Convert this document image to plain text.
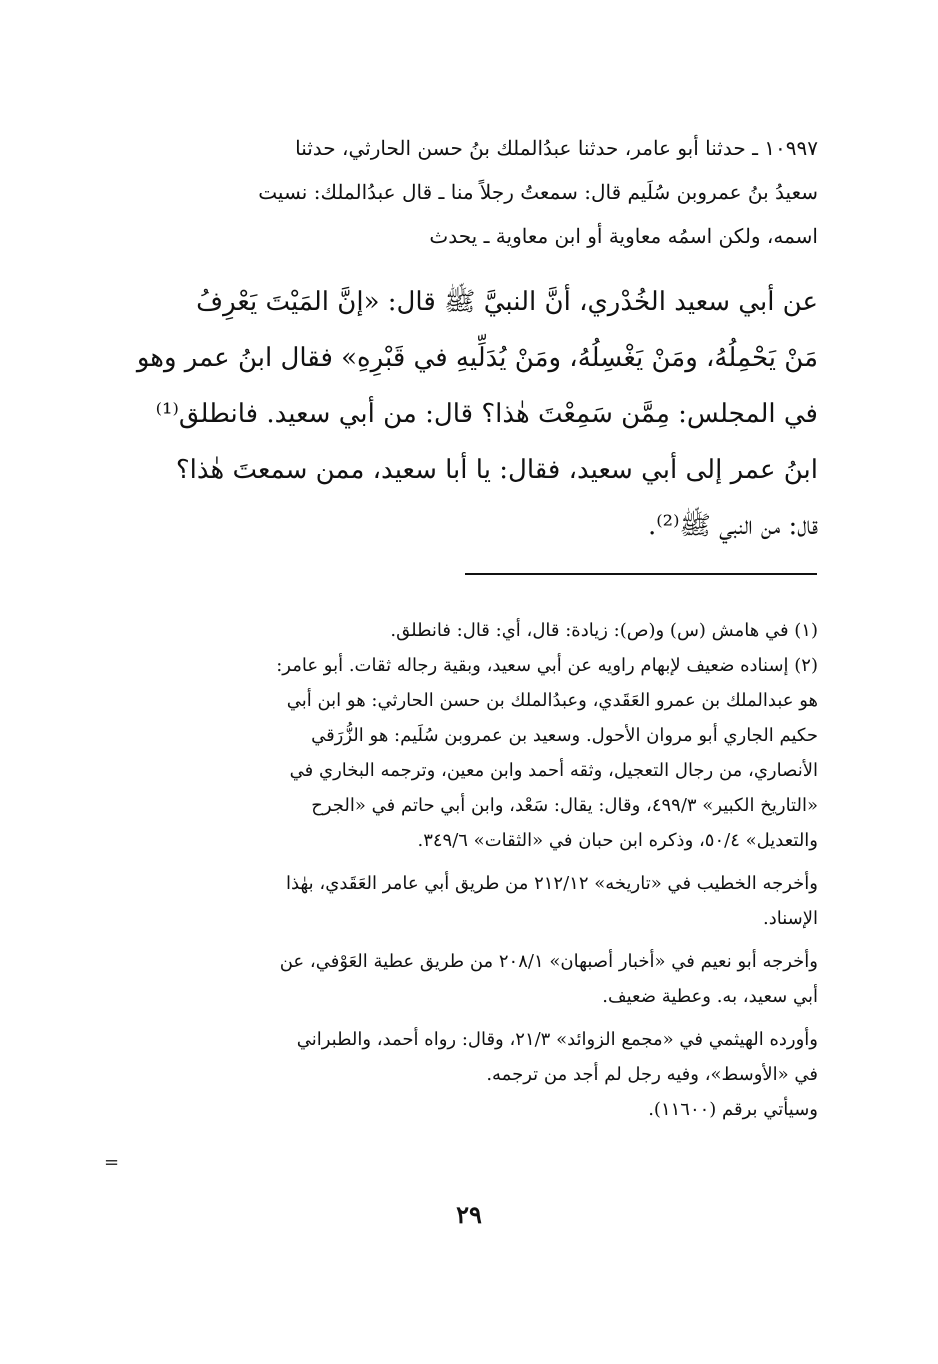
١٠٩٩٧ ـ حدثنا أبو عامر، حدثنا عبدُالملك بنُ حسن الحارثي، حدثنا
سعيدُ بنُ عمروبن سُلَيم قال: سمعتُ رجلاً منا ـ قال عبدُالملك: نسيت
اسمه، ولكن اسمُه معاوية أو ابن معاوية ـ يحدث
عن أبي سعيد الخُدْري، أنَّ النبيَّ ﷺ قال: «إنَّ المَيْتَ يَعْرِفُ
مَنْ يَحْمِلُهُ، ومَنْ يَغْسِلُهُ، ومَنْ يُدَلِّيهِ في قَبْرِهِ» فقال ابنُ عمر وهو
في المجلس: مِمَّن سَمِعْتَ هٰذا؟ قال: من أبي سعيد. فانطلق⁽¹⁾
ابنُ عمر إلى أبي سعيد، فقال: يا أبا سعيد، ممن سمعتَ هٰذا؟
قال: من النبي ﷺ⁽²⁾.
(١) في هامش (س) و(ص): زيادة: قال، أي: قال: فانطلق.
(٢) إسناده ضعيف لإبهام راويه عن أبي سعيد، وبقية رجاله ثقات. أبو عامر:
هو عبدالملك بن عمرو العَقَدي، وعبدُالملك بن حسن الحارثي: هو ابن أبي
حكيم الجاري أبو مروان الأحول. وسعيد بن عمروبن سُلَيم: هو الزُّرَقي
الأنصاري، من رجال التعجيل، وثقه أحمد وابن معين، وترجمه البخاري في
«التاريخ الكبير» ٤٩٩/٣، وقال: يقال: سَعْد، وابن أبي حاتم في «الجرح
والتعديل» ٥٠/٤، وذكره ابن حبان في «الثقات» ٣٤٩/٦.
وأخرجه الخطيب في «تاريخه» ٢١٢/١٢ من طريق أبي عامر العَقَدي، بهٰذا
الإسناد.
وأخرجه أبو نعيم في «أخبار أصبهان» ٢٠٨/١ من طريق عطية العَوْفي، عن
أبي سعيد، به. وعطية ضعيف.
وأورده الهيثمي في «مجمع الزوائد» ٢١/٣، وقال: رواه أحمد، والطبراني
في «الأوسط»، وفيه رجل لم أجد من ترجمه.
وسيأتي برقم (١١٦٠٠).
=
٢٩
